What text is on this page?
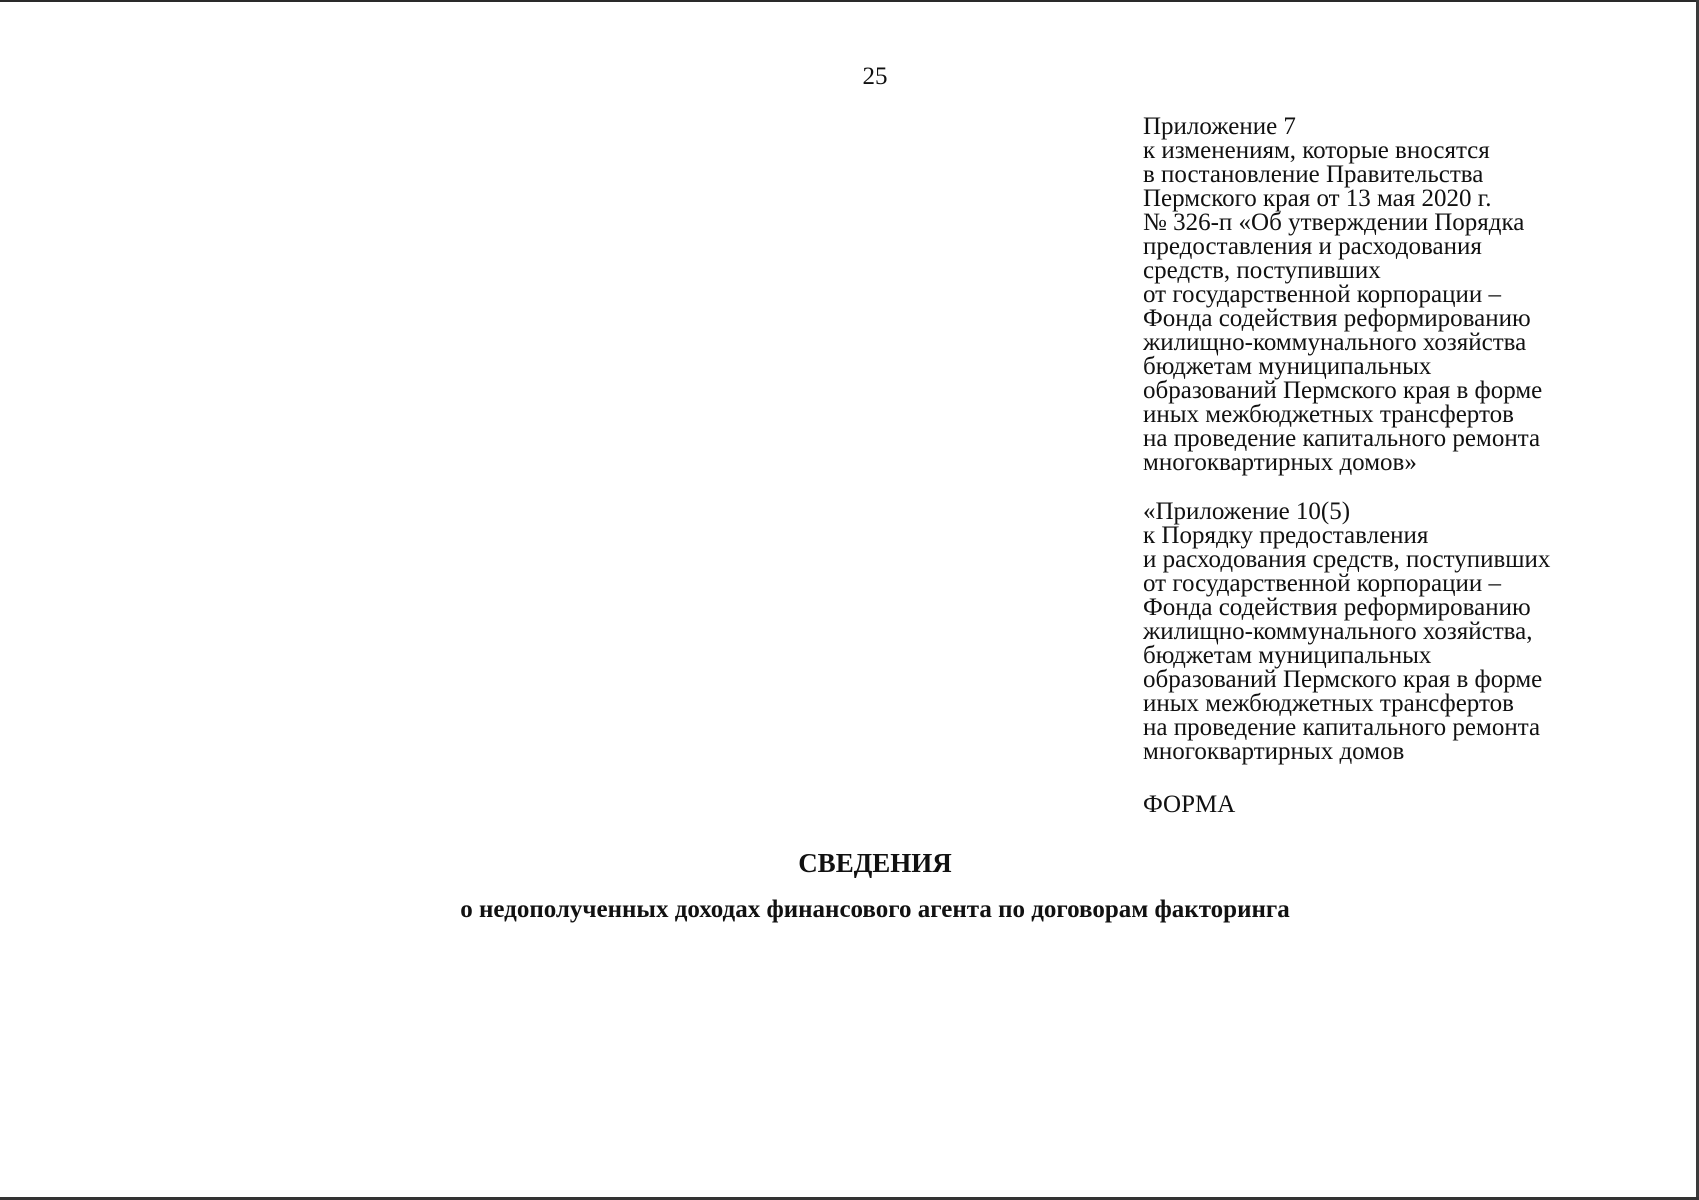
25
Приложение 7
к изменениям, которые вносятся
в постановление Правительства
Пермского края от 13 мая 2020 г.
№ 326-п «Об утверждении Порядка
предоставления и расходования
средств, поступивших
от государственной корпорации –
Фонда содействия реформированию
жилищно-коммунального хозяйства
бюджетам муниципальных
образований Пермского края в форме
иных межбюджетных трансфертов
на проведение капитального ремонта
многоквартирных домов»
«Приложение 10(5)
к Порядку предоставления
и расходования средств, поступивших
от государственной корпорации –
Фонда содействия реформированию
жилищно-коммунального хозяйства,
бюджетам муниципальных
образований Пермского края в форме
иных межбюджетных трансфертов
на проведение капитального ремонта
многоквартирных домов
ФОРМА
СВЕДЕНИЯ
о недополученных доходах финансового агента по договорам факторинга
